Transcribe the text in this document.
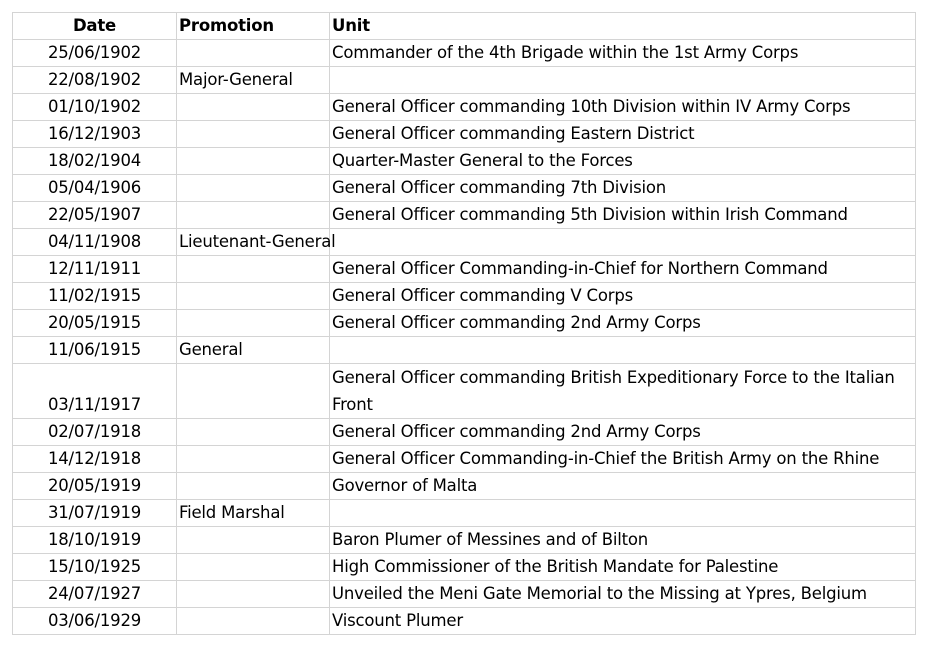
Date	Promotion	Unit
25/06/1902		Commander of the 4th Brigade within the 1st Army Corps
22/08/1902	Major-General	
01/10/1902		General Officer commanding 10th Division within IV Army Corps
16/12/1903		General Officer commanding Eastern District
18/02/1904		Quarter-Master General to the Forces
05/04/1906		General Officer commanding 7th Division
22/05/1907		General Officer commanding 5th Division within Irish Command
04/11/1908	Lieutenant-General	
12/11/1911		General Officer Commanding-in-Chief for Northern Command
11/02/1915		General Officer commanding V Corps
20/05/1915		General Officer commanding 2nd Army Corps
11/06/1915	General	
03/11/1917		General Officer commanding British Expeditionary Force to the Italian Front
02/07/1918		General Officer commanding 2nd Army Corps
14/12/1918		General Officer Commanding-in-Chief the British Army on the Rhine
20/05/1919		Governor of Malta
31/07/1919	Field Marshal	
18/10/1919		Baron Plumer of Messines and of Bilton
15/10/1925		High Commissioner of the British Mandate for Palestine
24/07/1927		Unveiled the Meni Gate Memorial to the Missing at Ypres, Belgium
03/06/1929		Viscount Plumer
